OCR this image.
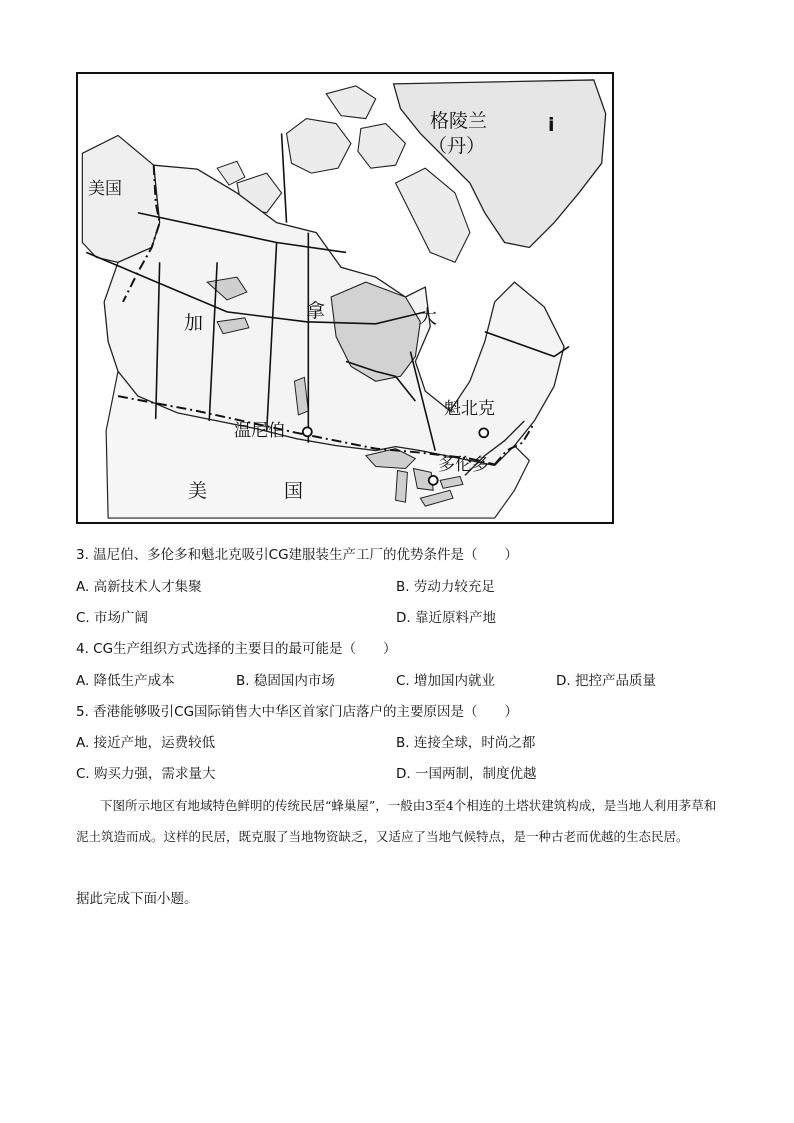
格陵兰
（丹）
i
美国
加
拿	大
温尼伯
魁北克
多伦多
美	国
3. 温尼伯、多伦多和魁北克吸引CG建服装生产工厂的优势条件是（　　）
A. 高新技术人才集聚	B. 劳动力较充足
C. 市场广阔	D. 靠近原料产地
4. CG生产组织方式选择的主要目的最可能是（　　）
A. 降低生产成本	B. 稳固国内市场	C. 增加国内就业	D. 把控产品质量
5. 香港能够吸引CG国际销售大中华区首家门店落户的主要原因是（　　）
A. 接近产地，运费较低	B. 连接全球，时尚之都
C. 购买力强，需求量大	D. 一国两制，制度优越
下图所示地区有地域特色鲜明的传统民居“蜂巢屋”，一般由3至4个相连的土塔状建筑构成，是当地人利用茅草和泥土筑造而成。这样的民居，既克服了当地物资缺乏，又适应了当地气候特点，是一种古老而优越的生态民居。
据此完成下面小题。
